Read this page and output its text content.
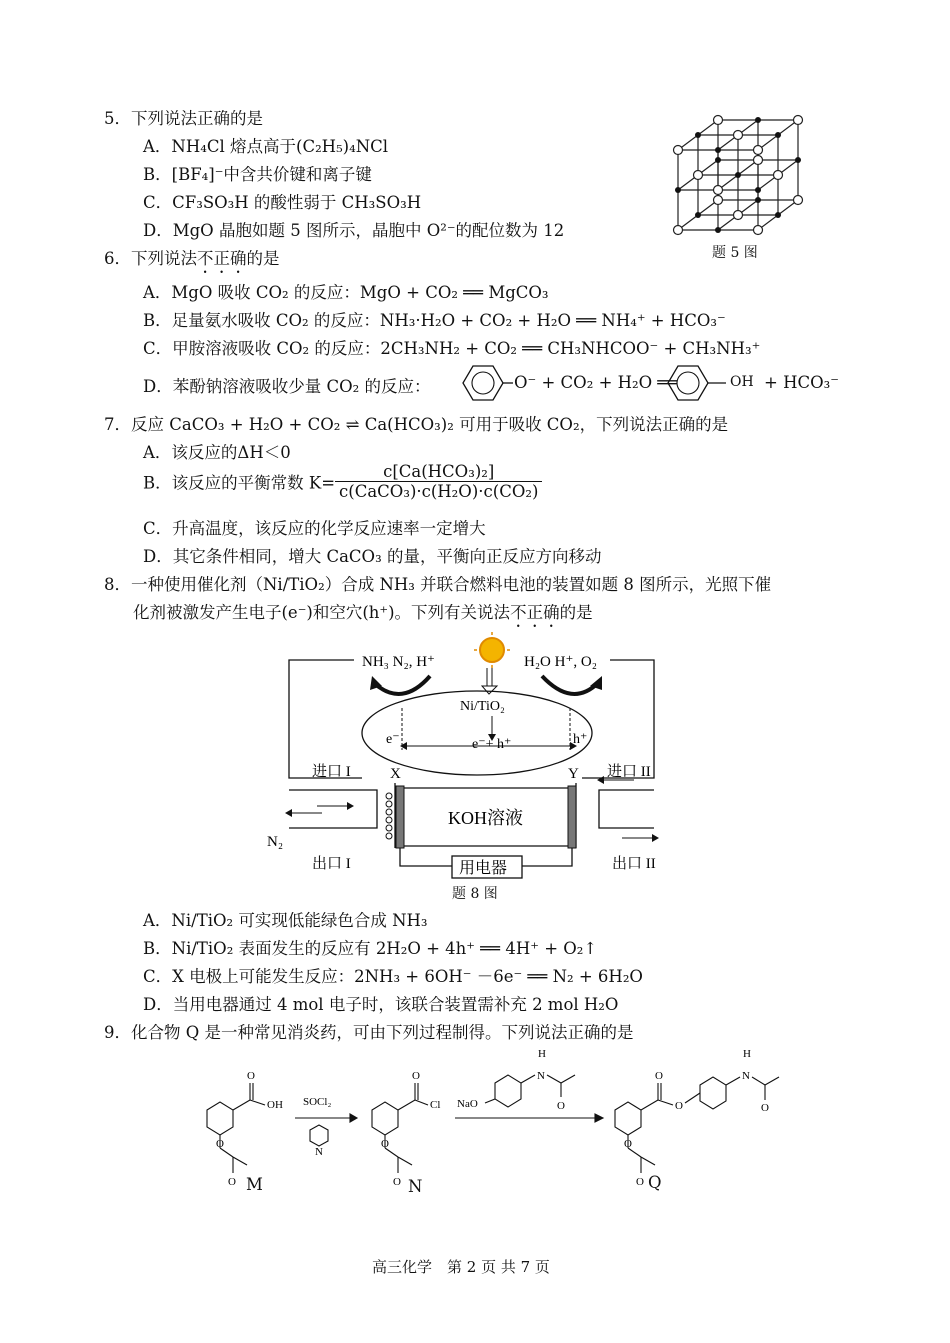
5．下列说法正确的是
A．NH₄Cl 熔点高于(C₂H₅)₄NCl
B．[BF₄]⁻中含共价键和离子键
C．CF₃SO₃H 的酸性弱于 CH₃SO₃H
D．MgO 晶胞如题 5 图所示，晶胞中 O²⁻的配位数为 12
题 5 图
6．下列说法不正确的是
A．MgO 吸收 CO₂ 的反应：MgO + CO₂ ══ MgCO₃
B．足量氨水吸收 CO₂ 的反应：NH₃·H₂O + CO₂ + H₂O ══ NH₄⁺ + HCO₃⁻
C．甲胺溶液吸收 CO₂ 的反应：2CH₃NH₂ + CO₂ ══ CH₃NHCOO⁻ + CH₃NH₃⁺
D．苯酚钠溶液吸收少量 CO₂ 的反应：	O⁻ + CO₂ + H₂O ══	OH + HCO₃⁻
7．反应 CaCO₃ + H₂O + CO₂ ⇌ Ca(HCO₃)₂ 可用于吸收 CO₂，下列说法正确的是
A．该反应的ΔH＜0
B．该反应的平衡常数 $K= \frac{\text{c[Ca(HCO₃)₂]}}{\text{c(CaCO₃)·c(H₂O)·c(CO₂)}}$
C．升高温度，该反应的化学反应速率一定增大
D．其它条件相同，增大 CaCO₃ 的量，平衡向正反应方向移动
8．一种使用催化剂（Ni/TiO₂）合成 NH₃ 并联合燃料电池的装置如题 8 图所示，光照下催
化剂被激发产生电子(e⁻)和空穴(h⁺)。下列有关说法不正确的是
NH₃ N₂, H⁺	H₂O H⁺, O₂
Ni/TiO₂
e⁻	e⁻+ h⁺	h⁺
进口 I	进口 II
X	Y
KOH溶液
N₂
出口 I	出口 II
用电器
题 8 图
A．Ni/TiO₂ 可实现低能绿色合成 NH₃
B．Ni/TiO₂ 表面发生的反应有 2H₂O + 4h⁺ ══ 4H⁺ + O₂↑
C．X 电极上可能发生反应：2NH₃ + 6OH⁻ －6e⁻ ══ N₂ + 6H₂O
D．当用电器通过 4 mol 电子时，该联合装置需补充 2 mol H₂O
9．化合物 Q 是一种常见消炎药，可由下列过程制得。下列说法正确的是
O
OH
O
O
SOCl₂
N
O
Cl
O
O
NaO
N
H
O
O
O
N
H
O
O
O
M	N	Q
高三化学　第 2 页 共 7 页
